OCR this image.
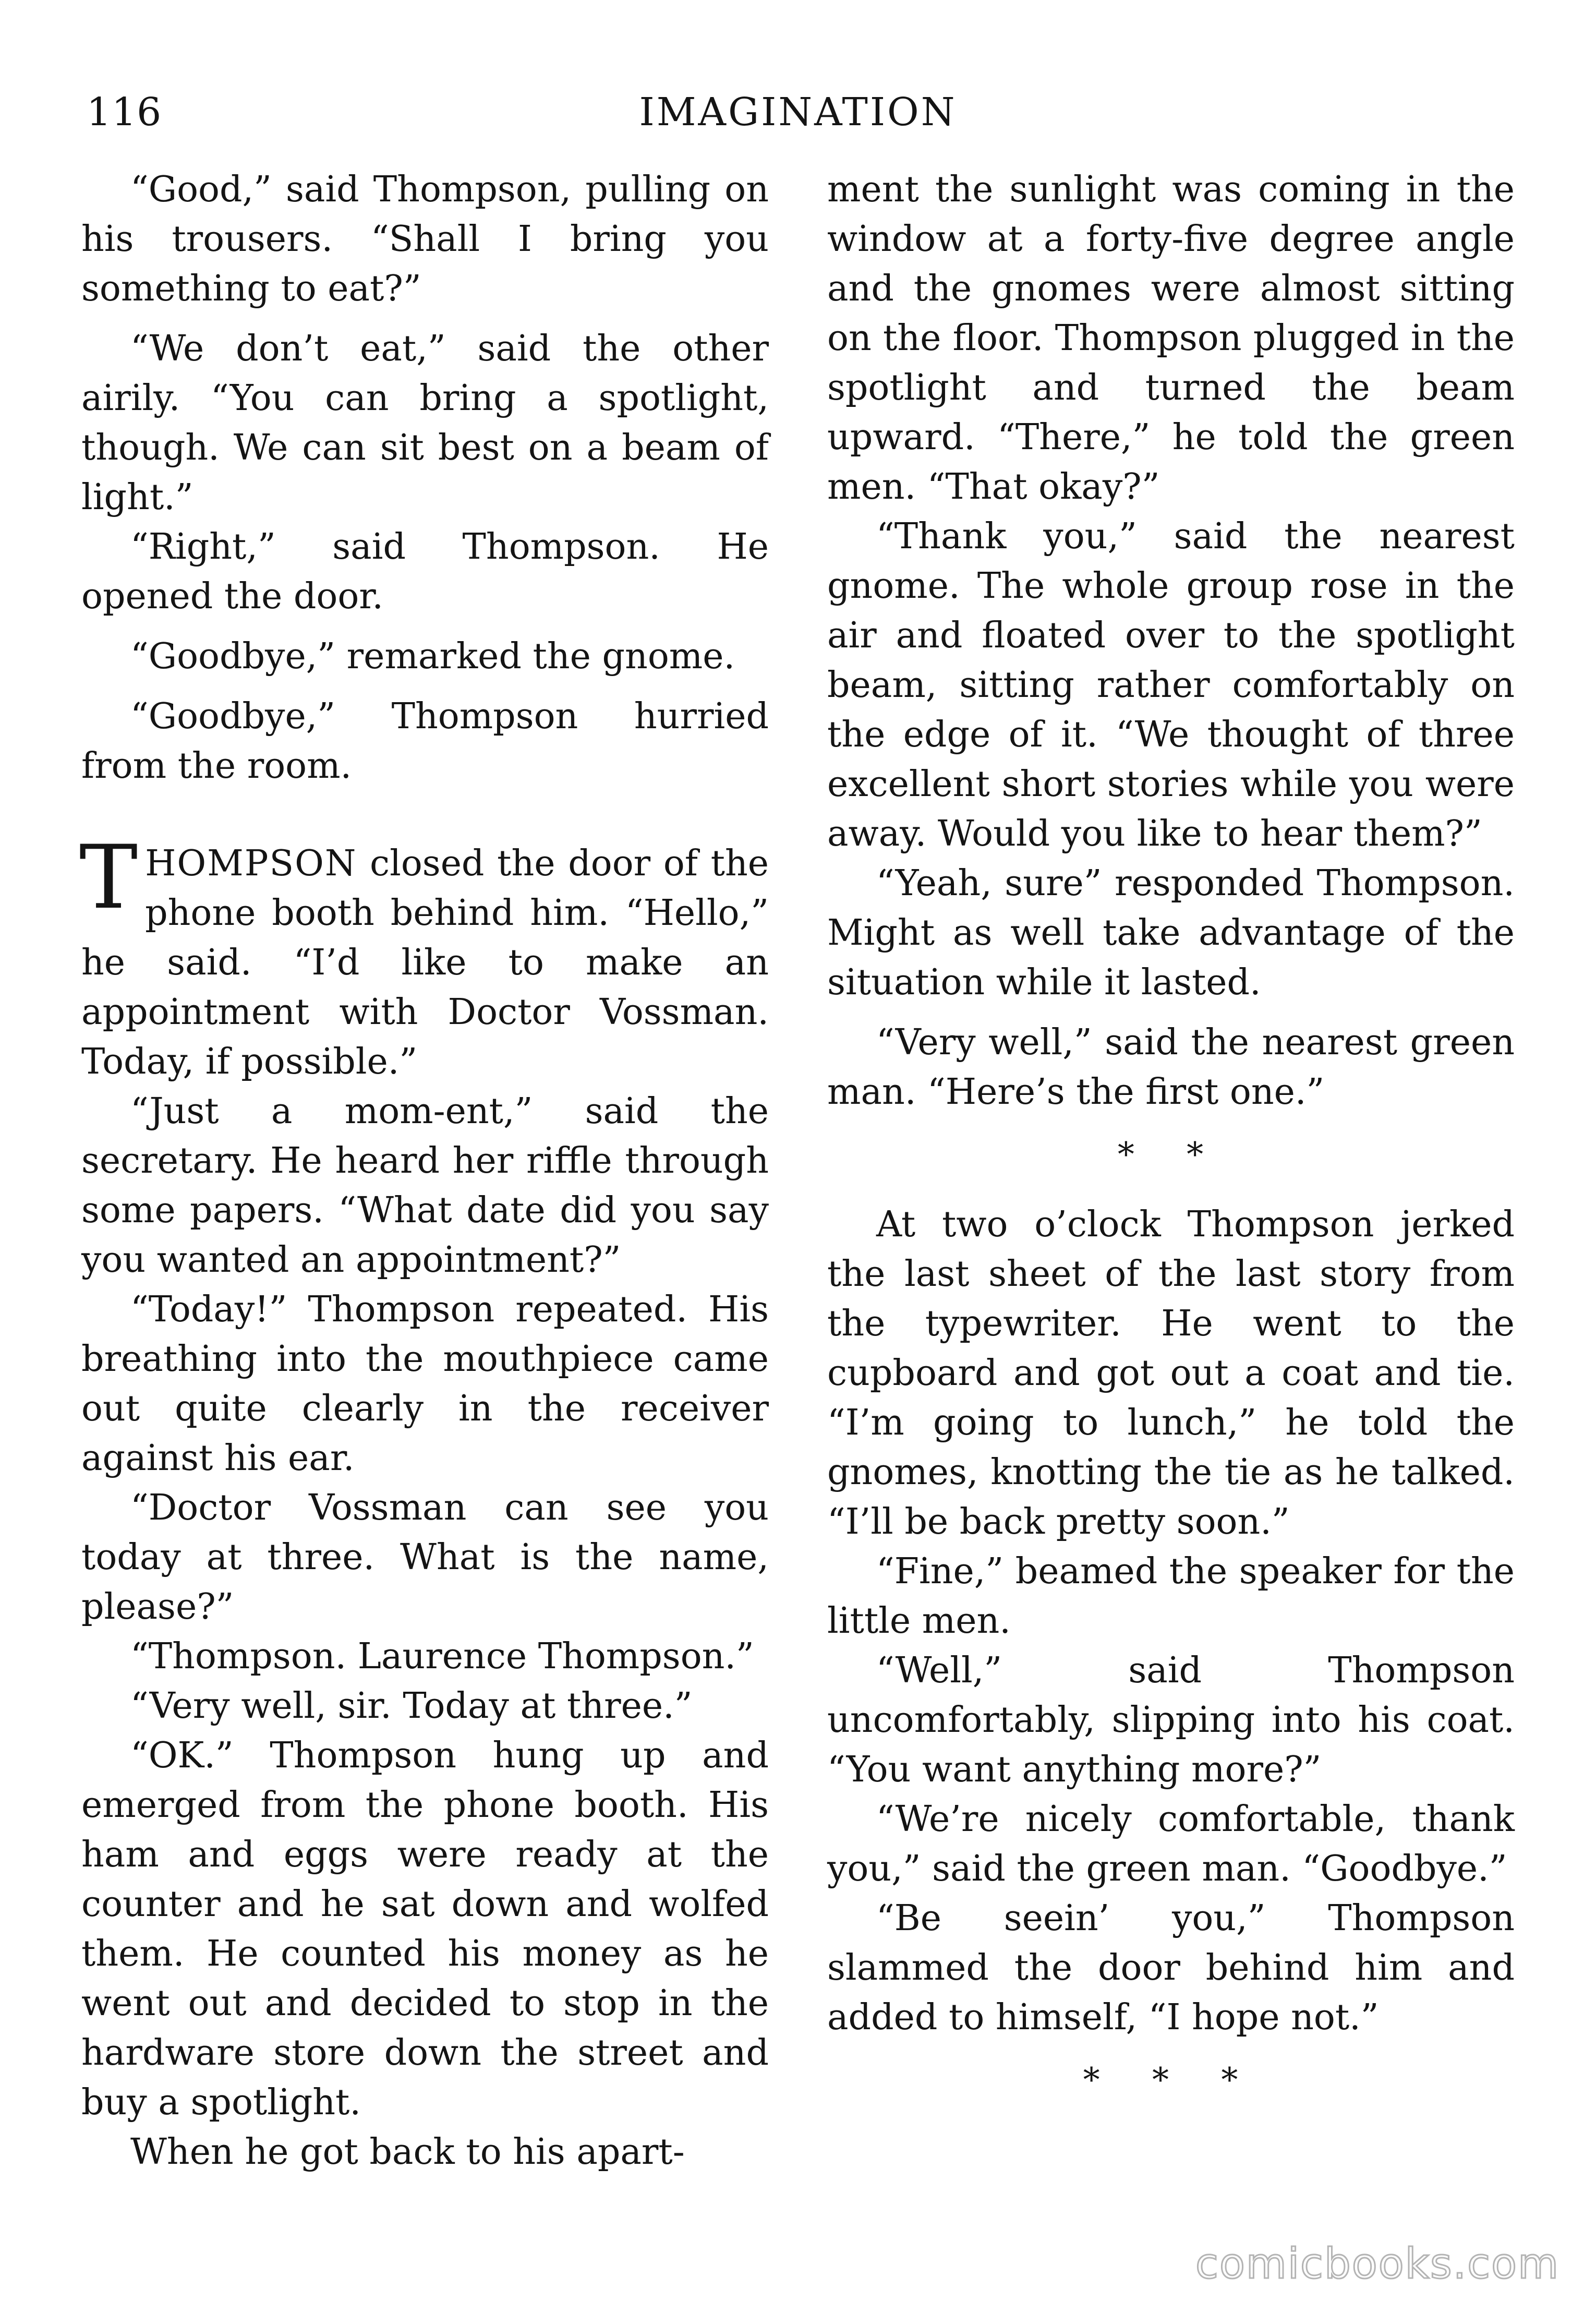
116	IMAGINATION

“Good,” said Thompson, pulling on his trousers. “Shall I bring you something to eat?”

“We don’t eat,” said the other airily. “You can bring a spotlight, though. We can sit best on a beam of light.”

“Right,” said Thompson. He opened the door.

“Goodbye,” remarked the gnome.

“Goodbye,” Thompson hurried from the room.

THOMPSON closed the door of the phone booth behind him. “Hello,” he said. “I’d like to make an appointment with Doctor Vossman. Today, if possible.”

“Just a mom-ent,” said the secretary. He heard her riffle through some papers. “What date did you say you wanted an appointment?”

“Today!” Thompson repeated. His breathing into the mouthpiece came out quite clearly in the receiver against his ear.

“Doctor Vossman can see you today at three. What is the name, please?”

“Thompson. Laurence Thompson.”

“Very well, sir. Today at three.”

“OK.” Thompson hung up and emerged from the phone booth. His ham and eggs were ready at the counter and he sat down and wolfed them. He counted his money as he went out and decided to stop in the hardware store down the street and buy a spotlight.

When he got back to his apart-

ment the sunlight was coming in the window at a forty-five degree angle and the gnomes were almost sitting on the floor. Thompson plugged in the spotlight and turned the beam upward. “There,” he told the green men. “That okay?”

“Thank you,” said the nearest gnome. The whole group rose in the air and floated over to the spotlight beam, sitting rather comfortably on the edge of it. “We thought of three excellent short stories while you were away. Would you like to hear them?”

“Yeah, sure” responded Thompson. Might as well take advantage of the situation while it lasted.

“Very well,” said the nearest green man. “Here’s the first one.”

* *

At two o’clock Thompson jerked the last sheet of the last story from the typewriter. He went to the cupboard and got out a coat and tie. “I’m going to lunch,” he told the gnomes, knotting the tie as he talked. “I’ll be back pretty soon.”

“Fine,” beamed the speaker for the little men.

“Well,” said Thompson uncomfortably, slipping into his coat. “You want anything more?”

“We’re nicely comfortable, thank you,” said the green man. “Goodbye.”

“Be seein’ you,” Thompson slammed the door behind him and added to himself, “I hope not.”

* * *

comicbooks.com
